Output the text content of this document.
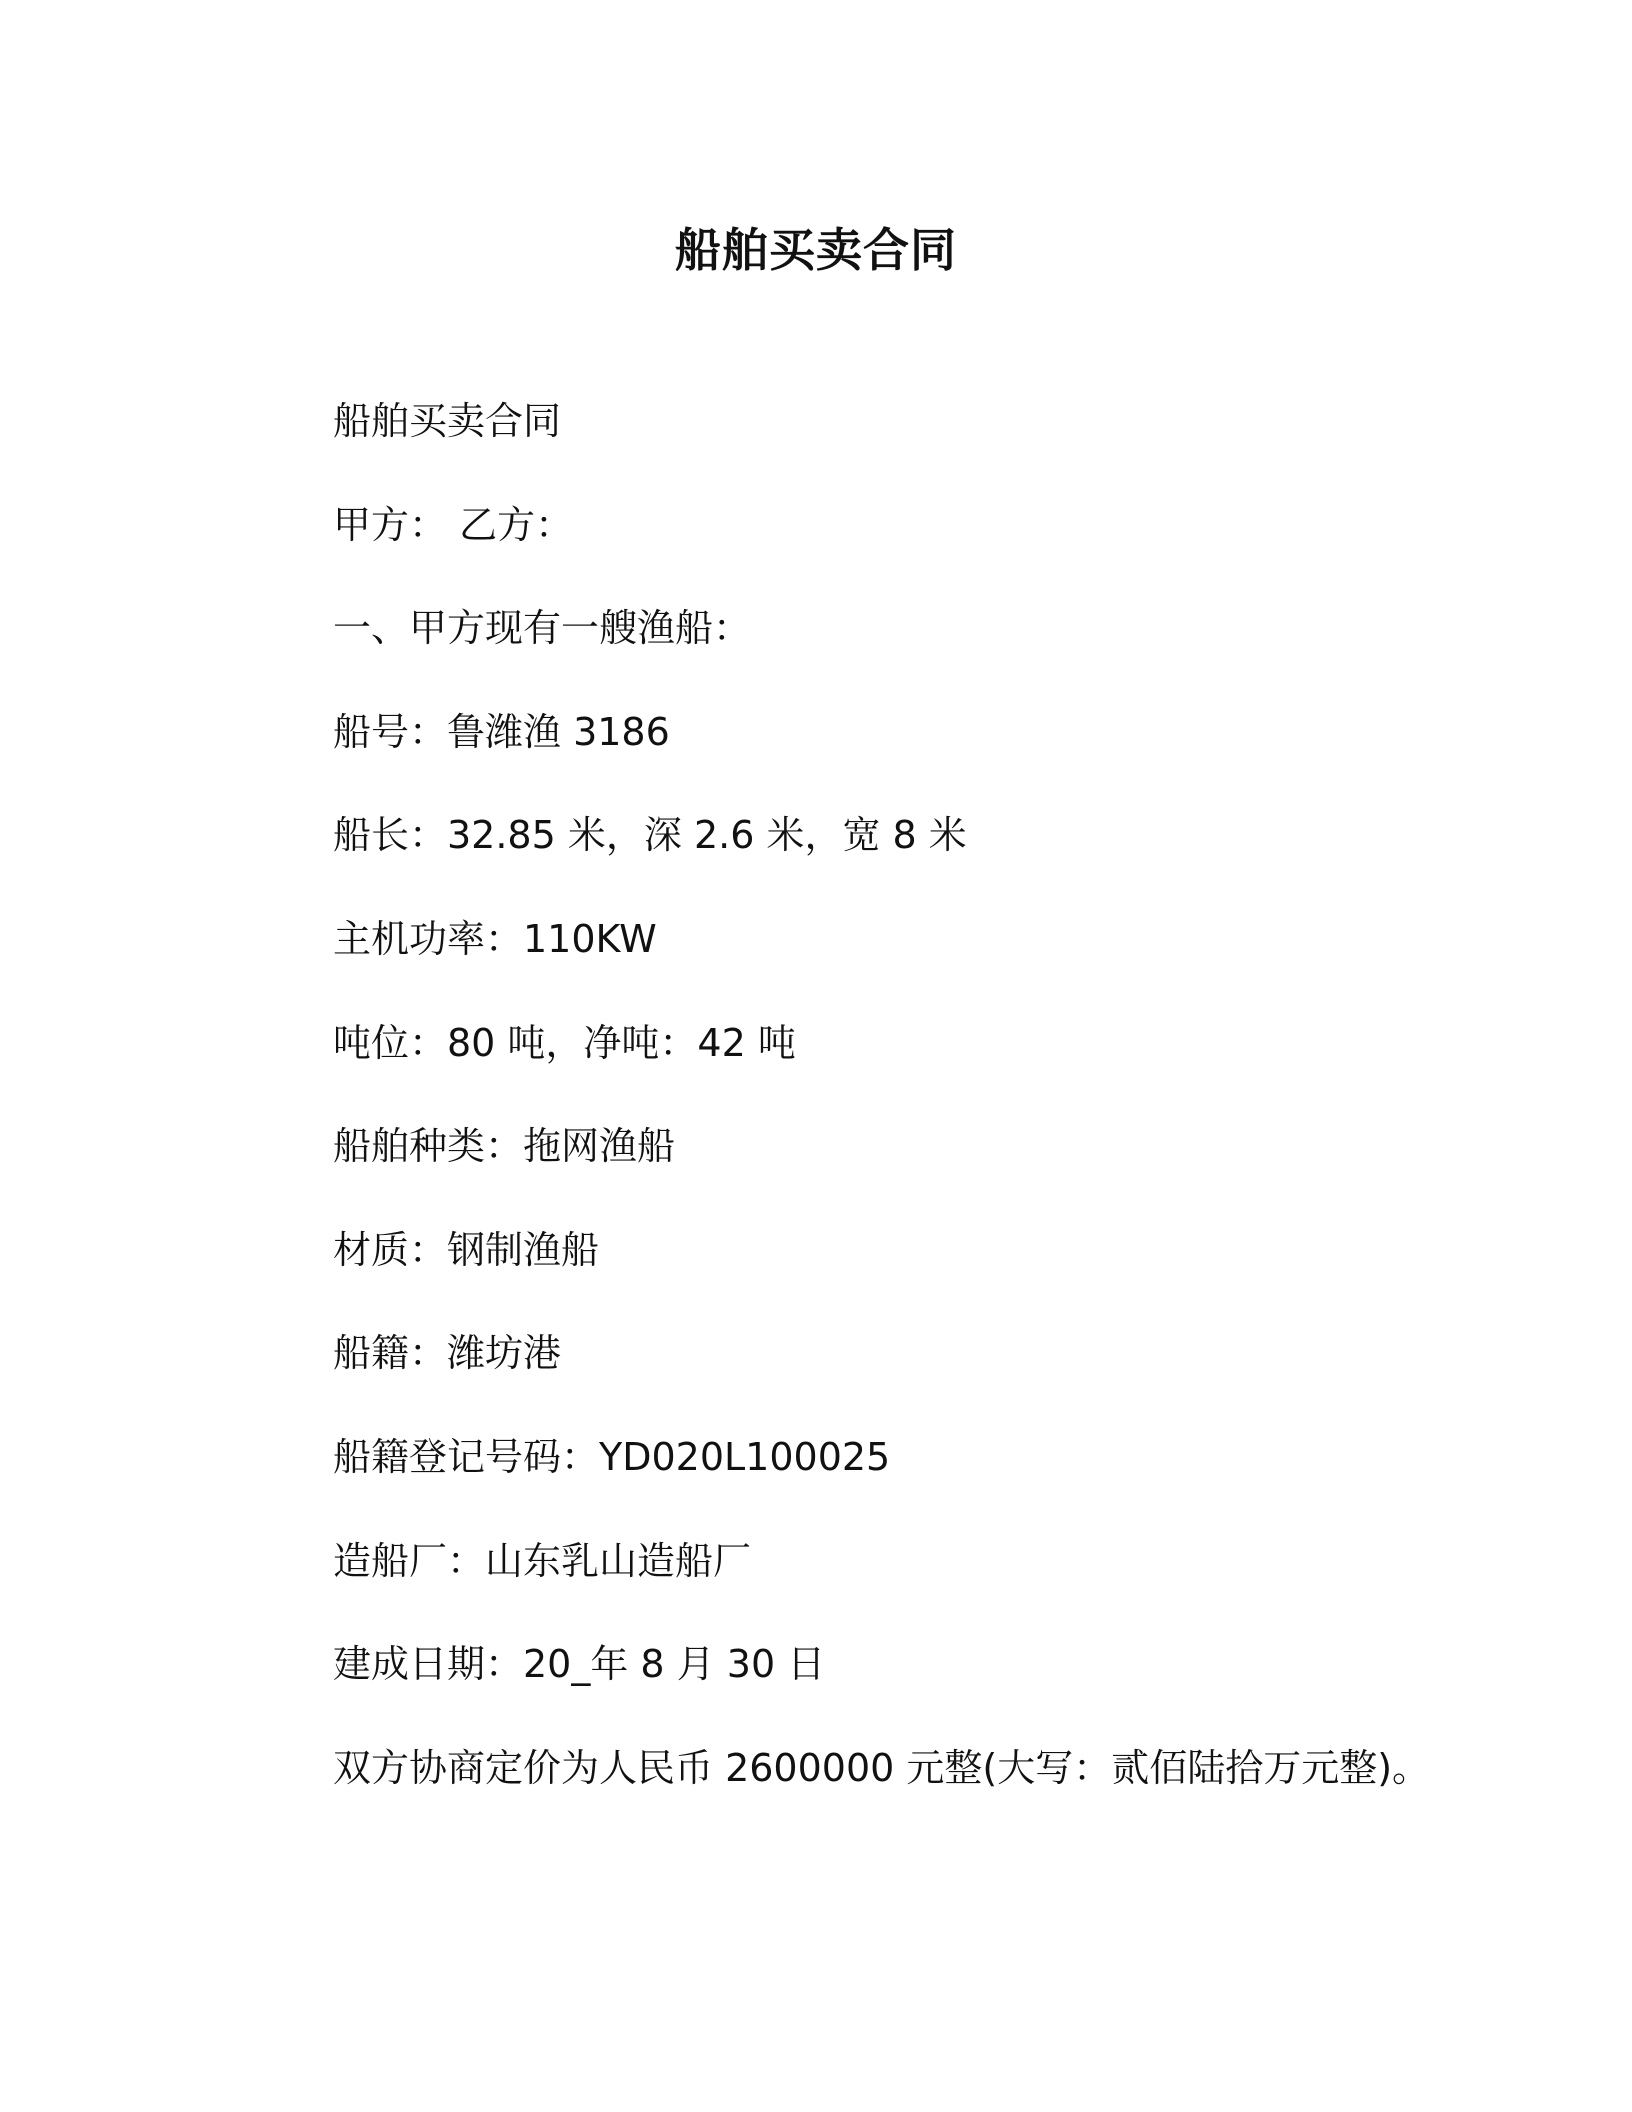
船舶买卖合同
船舶买卖合同
甲方： 乙方：
一、甲方现有一艘渔船：
船号：鲁潍渔 3186
船长：32.85 米，深 2.6 米，宽 8 米
主机功率：110KW
吨位：80 吨，净吨：42 吨
船舶种类：拖网渔船
材质：钢制渔船
船籍：潍坊港
船籍登记号码：YD020L100025
造船厂：山东乳山造船厂
建成日期：20_年 8 月 30 日
双方协商定价为人民币 2600000 元整(大写：贰佰陆拾万元整)。
